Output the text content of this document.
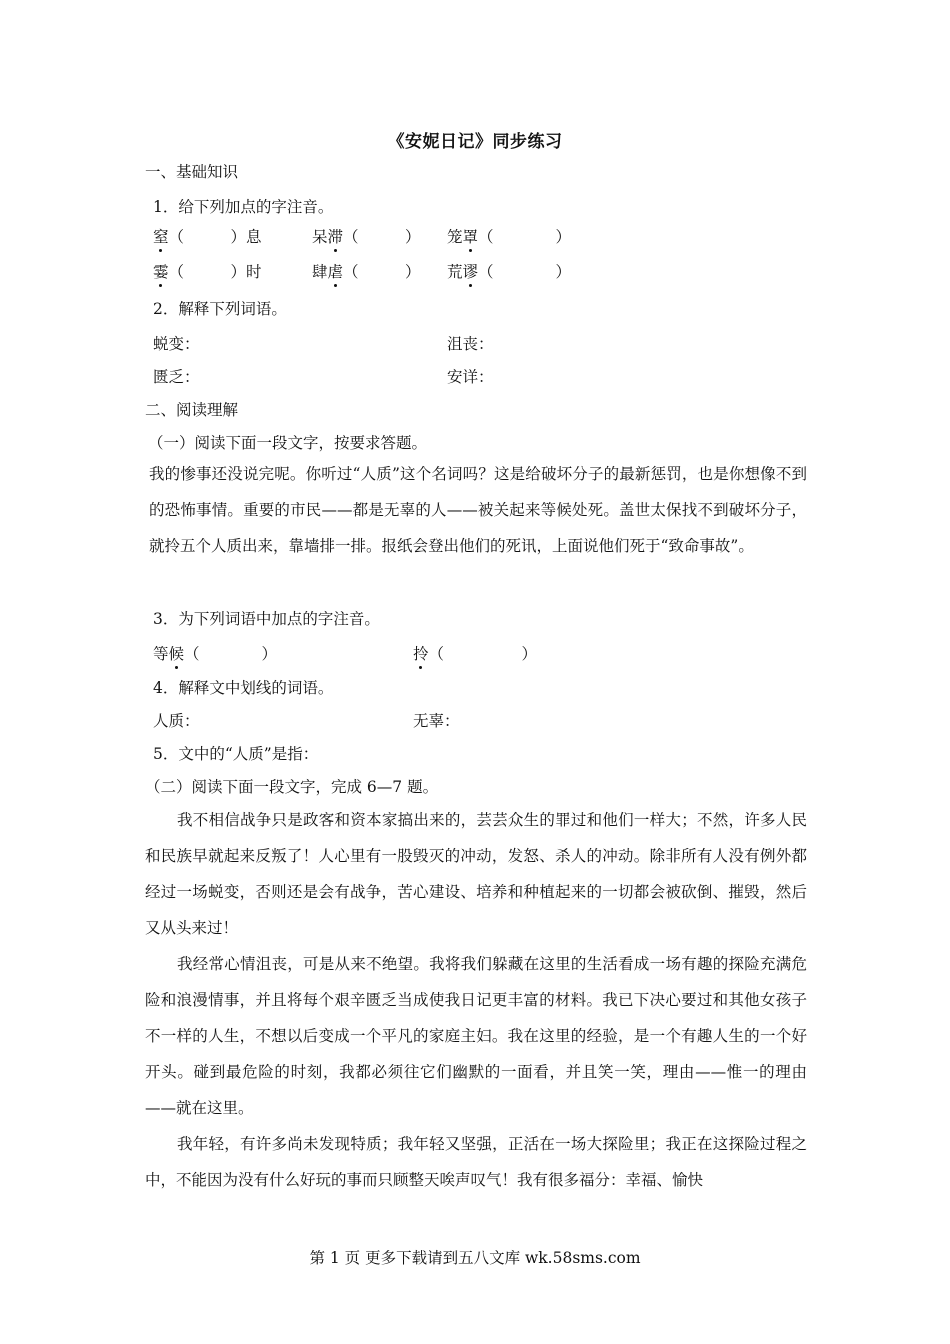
《安妮日记》同步练习
一、基础知识
1．给下列加点的字注音。
窒（　　　）息	呆滞（　　　） 笼罩（　　　　）
霎（　　　）时	肆虐（　　　） 荒谬（　　　　）
2．解释下列词语。
蜕变：	沮丧：
匮乏：	安详：
二、阅读理解
（一）阅读下面一段文字，按要求答题。
我的惨事还没说完呢。你听过“人质”这个名词吗？这是给破坏分子的最新惩罚，也是你想像不到的恐怖事情。重要的市民——都是无辜的人——被关起来等候处死。盖世太保找不到破坏分子，就拎五个人质出来，靠墙排一排。报纸会登出他们的死讯，上面说他们死于“致命事故”。
3．为下列词语中加点的字注音。
等候（　　　　）	拎（　　　　　）
4．解释文中划线的词语。
人质：	无辜：
5．文中的“人质”是指：
（二）阅读下面一段文字，完成 6—7 题。
我不相信战争只是政客和资本家搞出来的，芸芸众生的罪过和他们一样大；不然，许多人民和民族早就起来反叛了！人心里有一股毁灭的冲动，发怒、杀人的冲动。除非所有人没有例外都经过一场蜕变，否则还是会有战争，苦心建设、培养和种植起来的一切都会被砍倒、摧毁，然后又从头来过！
我经常心情沮丧，可是从来不绝望。我将我们躲藏在这里的生活看成一场有趣的探险充满危险和浪漫情事，并且将每个艰辛匮乏当成使我日记更丰富的材料。我已下决心要过和其他女孩子不一样的人生，不想以后变成一个平凡的家庭主妇。我在这里的经验，是一个有趣人生的一个好开头。碰到最危险的时刻，我都必须往它们幽默的一面看，并且笑一笑，理由——惟一的理由——就在这里。
我年轻，有许多尚未发现特质；我年轻又坚强，正活在一场大探险里；我正在这探险过程之中，不能因为没有什么好玩的事而只顾整天唉声叹气！我有很多福分：幸福、愉快
第 1 页 更多下载请到五八文库 wk.58sms.com
